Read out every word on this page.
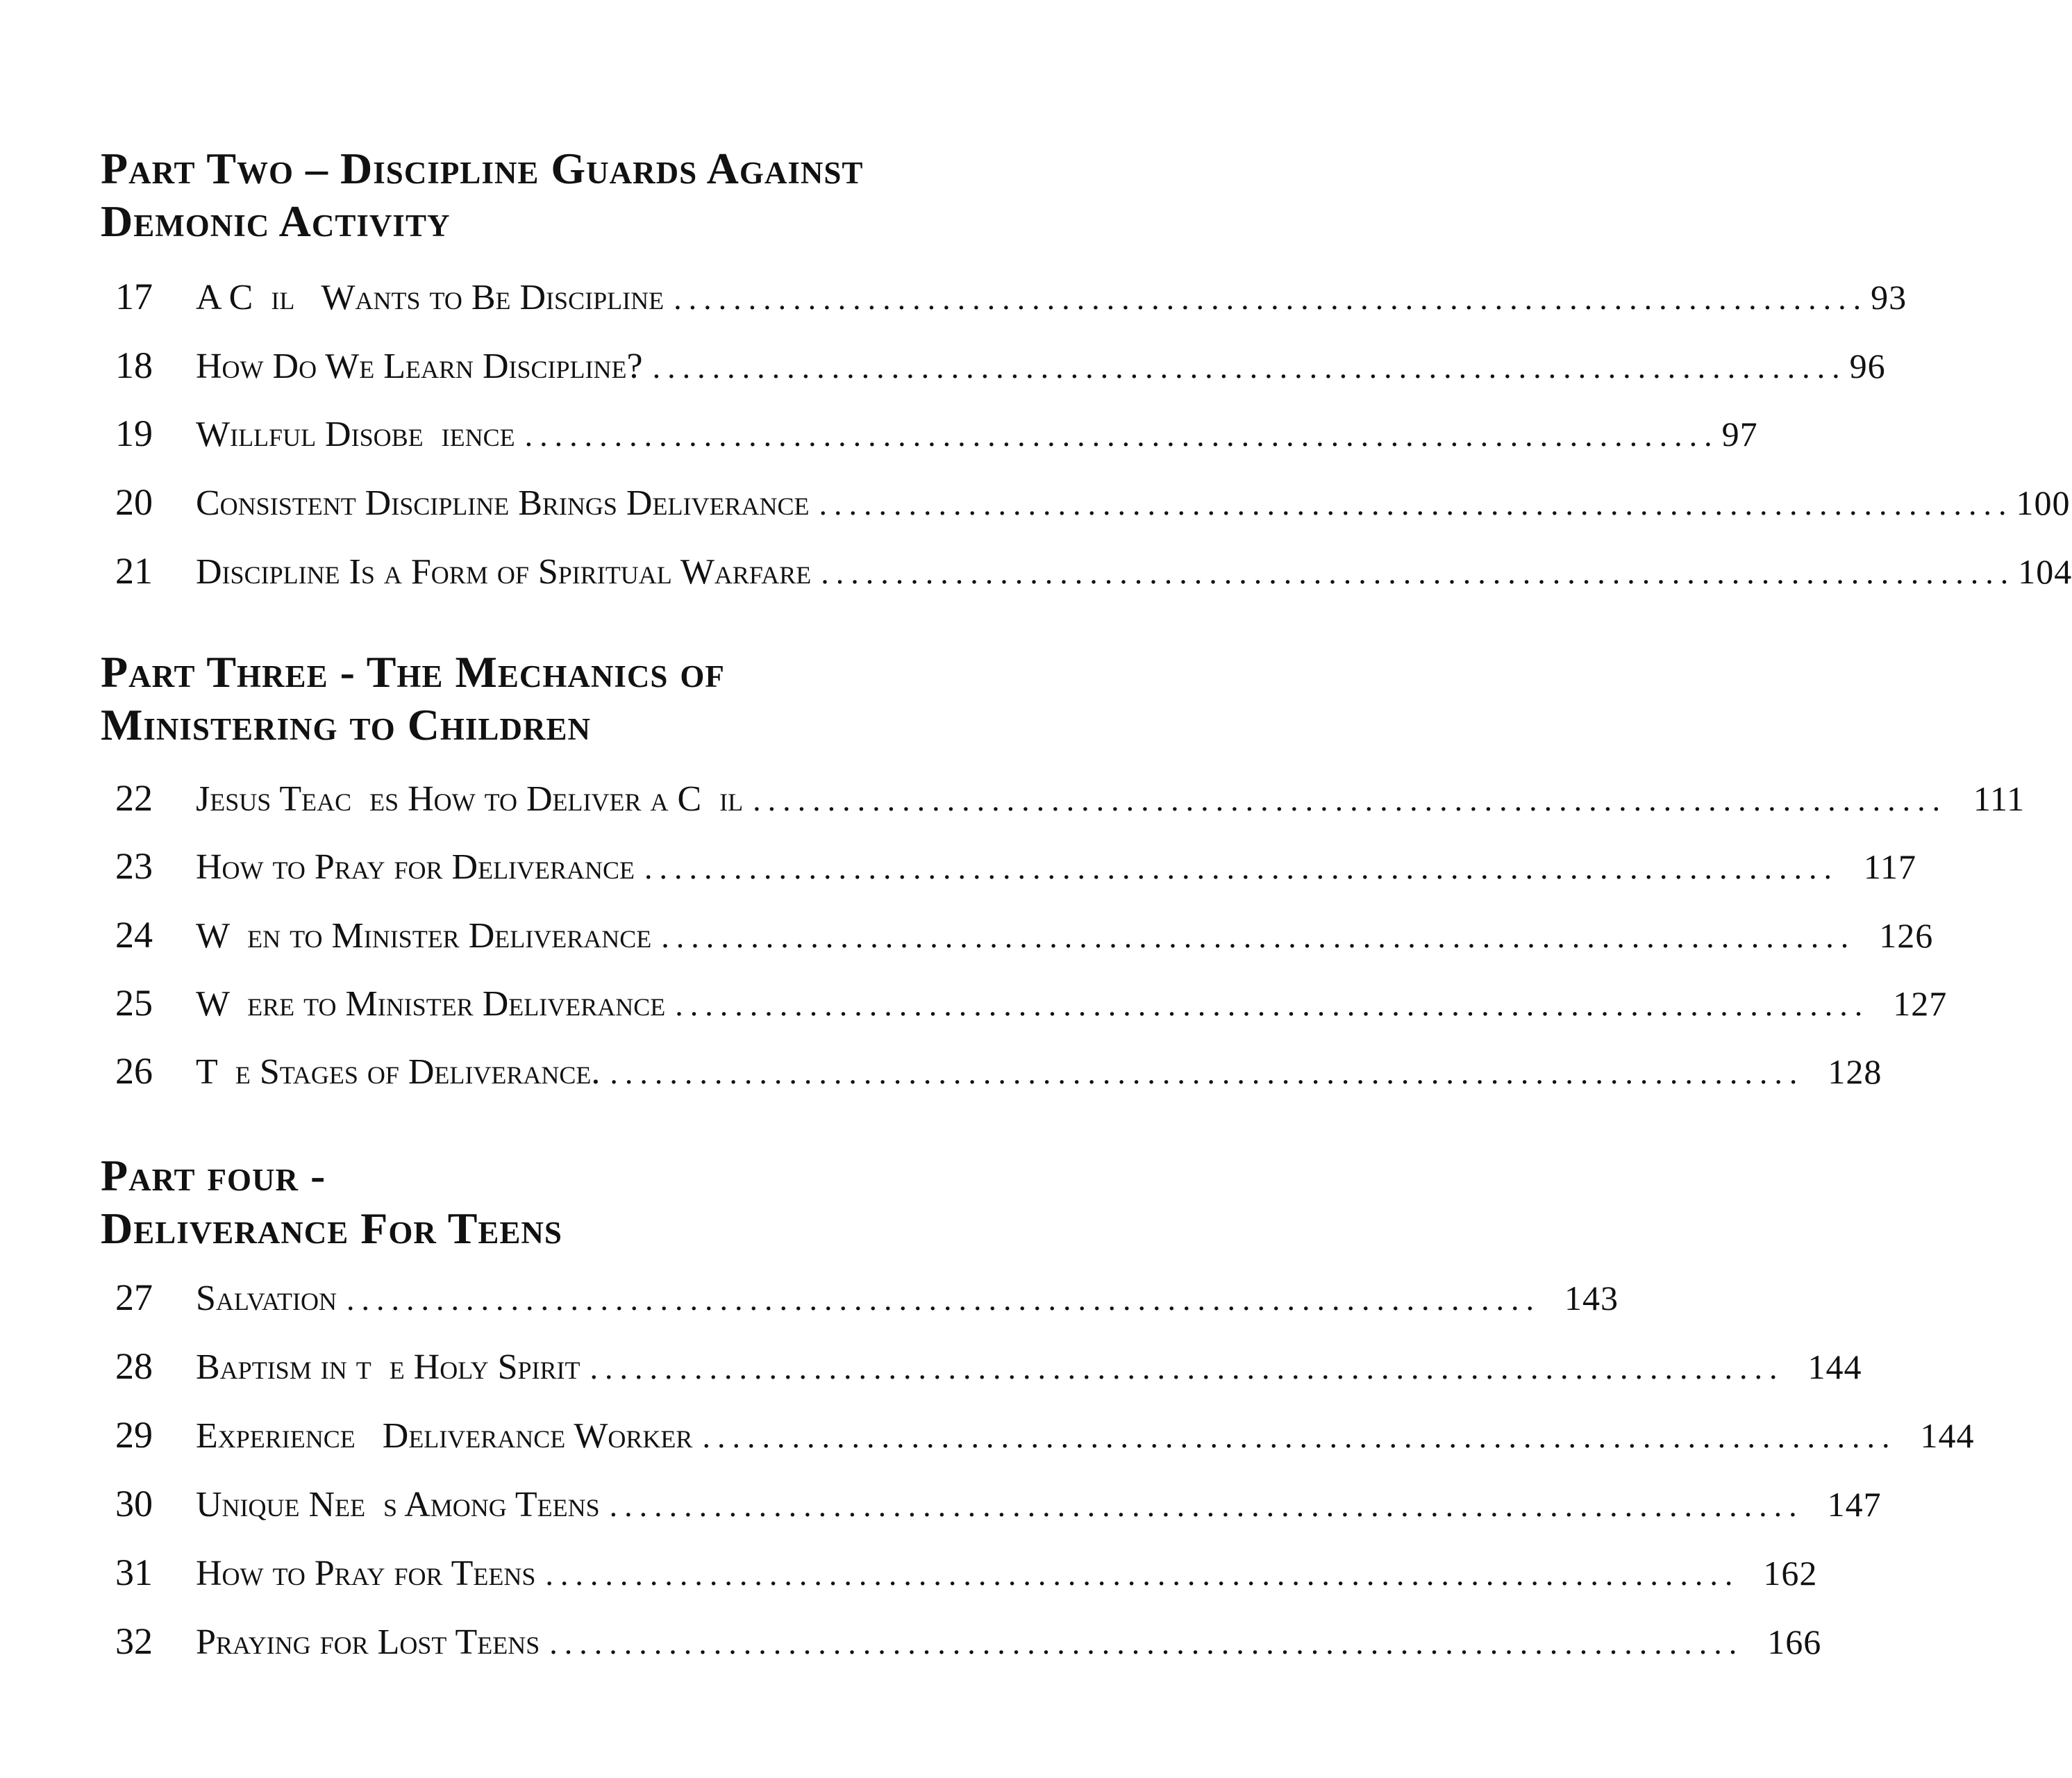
Part Two – Discipline Guards Against
Demonic Activity
17	A C  il   Wants to Be Discipline ................................................................................ 93
18	How Do We Learn Discipline? ................................................................................ 96
19	Willful Disobe  ience ................................................................................ 97
20	Consistent Discipline Brings Deliverance ................................................................................ 100
21	Discipline Is a Form of Spiritual Warfare ................................................................................ 104
Part Three - The Mechanics of
Ministering to Children
22	Jesus Teac  es How to Deliver a C  il ................................................................................ 111
23	How to Pray for Deliverance ................................................................................ 117
24	W  en to Minister Deliverance ................................................................................ 126
25	W  ere to Minister Deliverance ................................................................................ 127
26	T  e Stages of Deliverance. ................................................................................ 128
Part four -
Deliverance For Teens
27	Salvation ................................................................................ 143
28	Baptism in t  e Holy Spirit ................................................................................ 144
29	Experience   Deliverance Worker ................................................................................ 144
30	Unique Nee  s Among Teens ................................................................................ 147
31	How to Pray for Teens ................................................................................ 162
32	Praying for Lost Teens ................................................................................ 166
